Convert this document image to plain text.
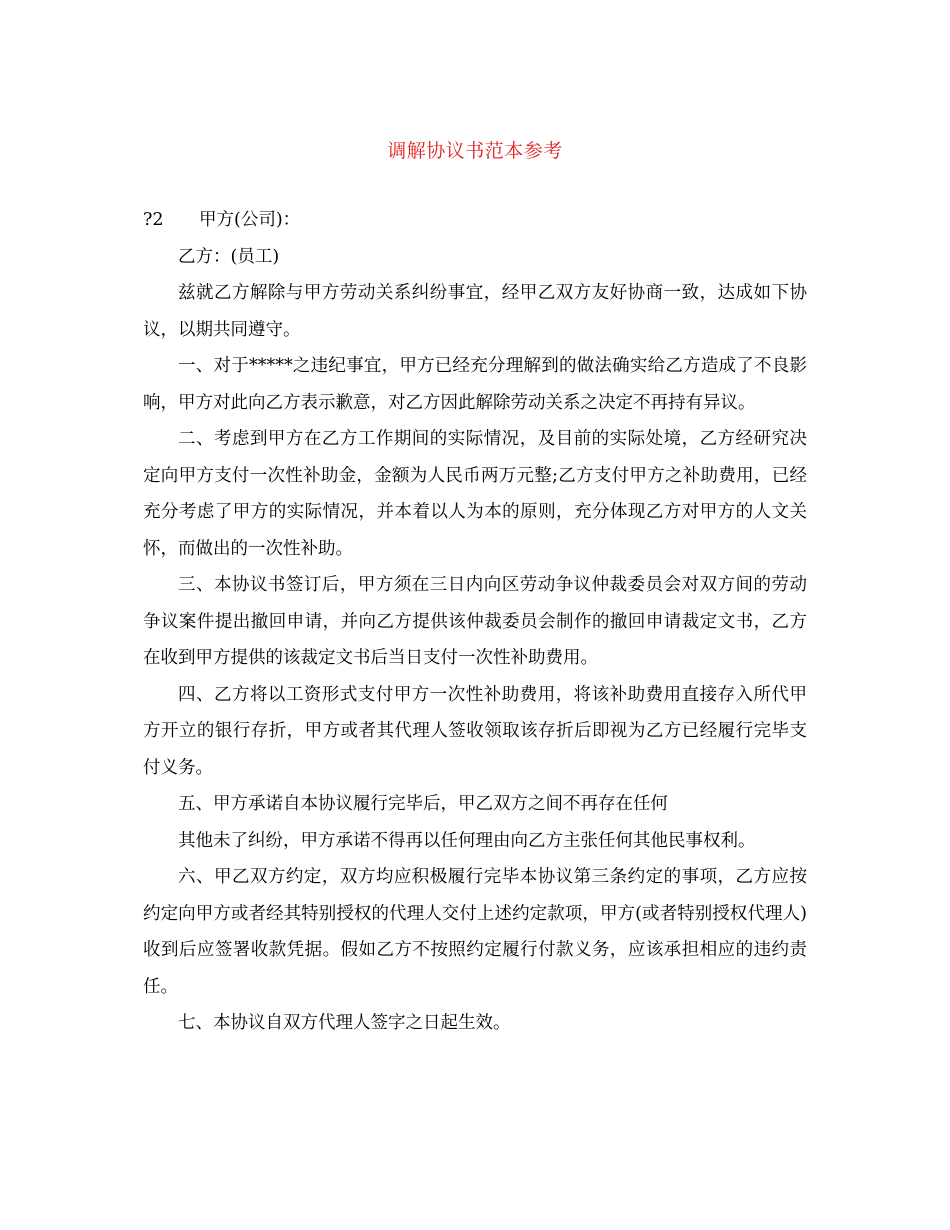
调解协议书范本参考

?2	甲方(公司)：

乙方：(员工)

兹就乙方解除与甲方劳动关系纠纷事宜，经甲乙双方友好协商一致，达成如下协议，以期共同遵守。

一、对于*****之违纪事宜，甲方已经充分理解到的做法确实给乙方造成了不良影响，甲方对此向乙方表示歉意，对乙方因此解除劳动关系之决定不再持有异议。

二、考虑到甲方在乙方工作期间的实际情况，及目前的实际处境，乙方经研究决定向甲方支付一次性补助金，金额为人民币两万元整;乙方支付甲方之补助费用，已经充分考虑了甲方的实际情况，并本着以人为本的原则，充分体现乙方对甲方的人文关怀，而做出的一次性补助。

三、本协议书签订后，甲方须在三日内向区劳动争议仲裁委员会对双方间的劳动争议案件提出撤回申请，并向乙方提供该仲裁委员会制作的撤回申请裁定文书，乙方在收到甲方提供的该裁定文书后当日支付一次性补助费用。

四、乙方将以工资形式支付甲方一次性补助费用，将该补助费用直接存入所代甲方开立的银行存折，甲方或者其代理人签收领取该存折后即视为乙方已经履行完毕支付义务。

五、甲方承诺自本协议履行完毕后，甲乙双方之间不再存在任何

其他未了纠纷，甲方承诺不得再以任何理由向乙方主张任何其他民事权利。

六、甲乙双方约定，双方均应积极履行完毕本协议第三条约定的事项，乙方应按约定向甲方或者经其特别授权的代理人交付上述约定款项，甲方(或者特别授权代理人)收到后应签署收款凭据。假如乙方不按照约定履行付款义务，应该承担相应的违约责任。

七、本协议自双方代理人签字之日起生效。
